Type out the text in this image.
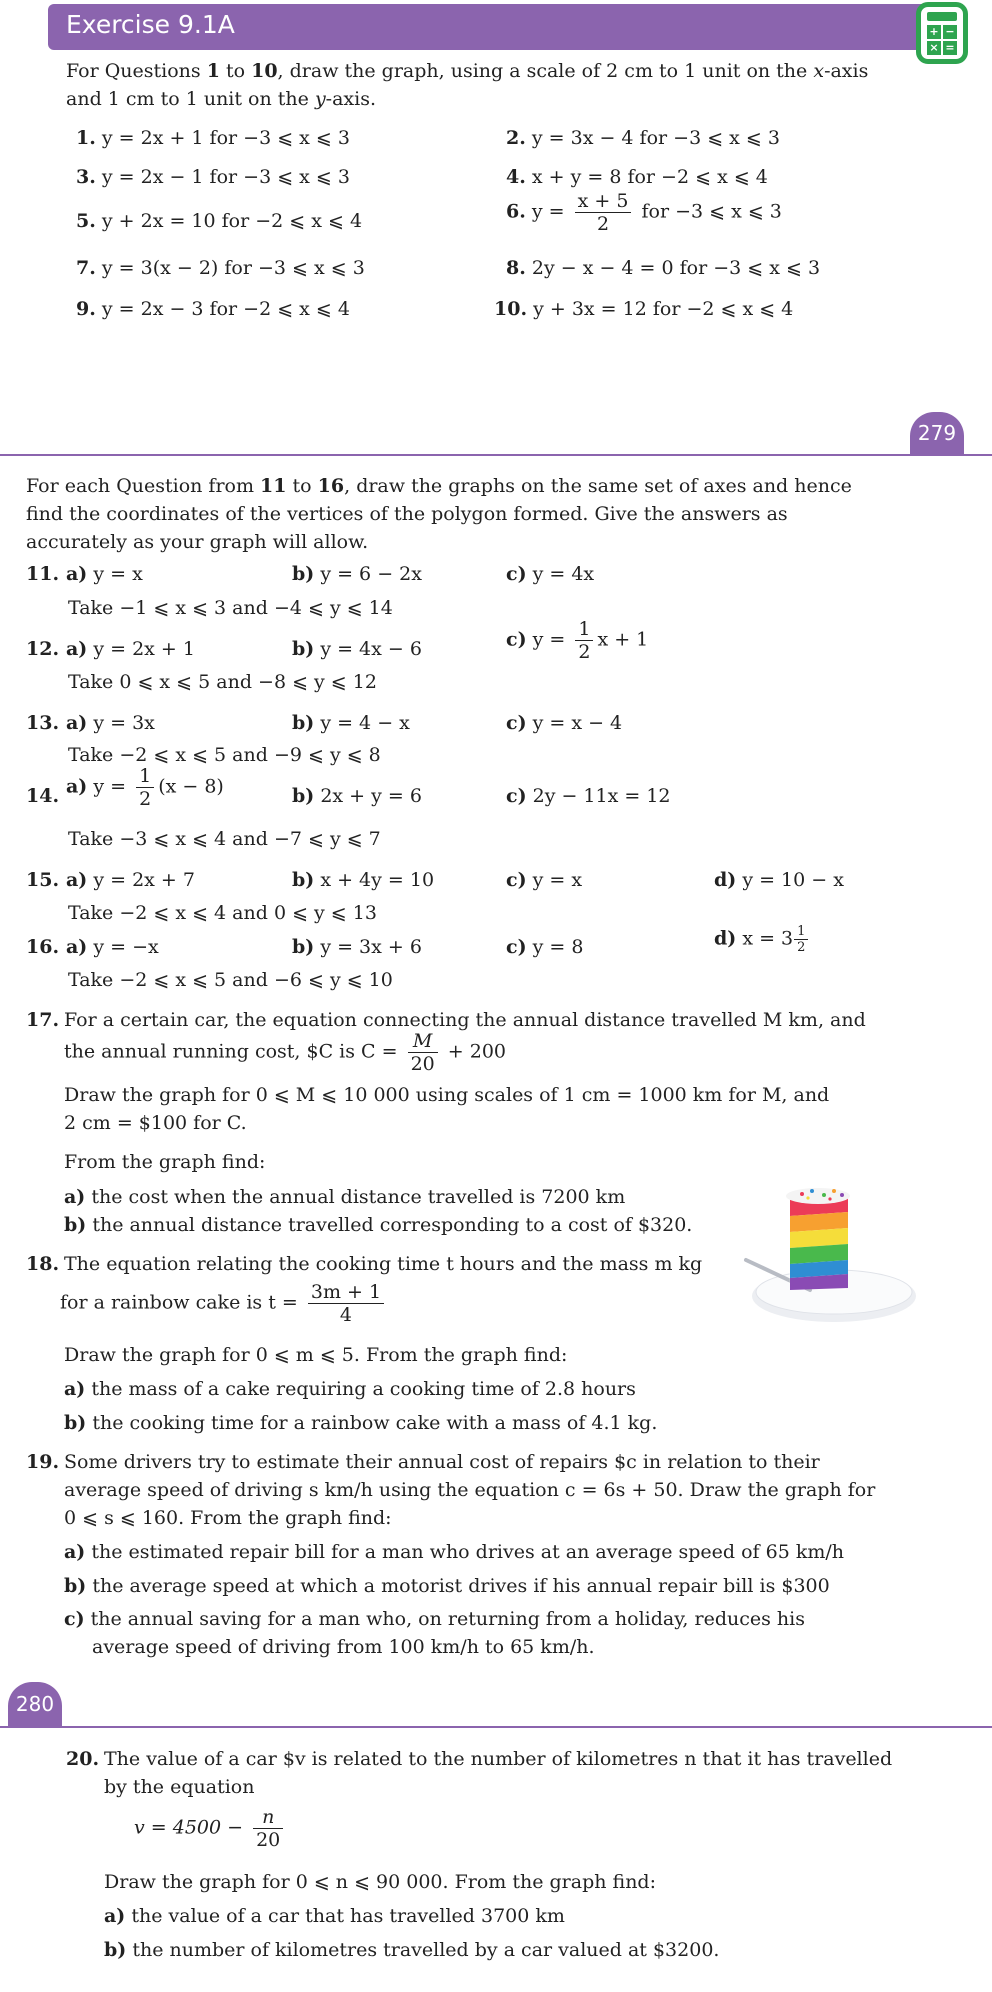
Exercise 9.1A	+ −
× =
For Questions 1 to 10, draw the graph, using a scale of 2 cm to 1 unit on the x-axis
and 1 cm to 1 unit on the y-axis.
1. y = 2x + 1 for −3 ⩽ x ⩽ 3	2. y = 3x − 4 for −3 ⩽ x ⩽ 3
3. y = 2x − 1 for −3 ⩽ x ⩽ 3	4. x + y = 8 for −2 ⩽ x ⩽ 4
5. y + 2x = 10 for −2 ⩽ x ⩽ 4	6. $y = \frac{x + 5}{2}$ for −3 ⩽ x ⩽ 3
7. y = 3(x − 2) for −3 ⩽ x ⩽ 3	8. 2y − x − 4 = 0 for −3 ⩽ x ⩽ 3
9. y = 2x − 3 for −2 ⩽ x ⩽ 4	10. y + 3x = 12 for −2 ⩽ x ⩽ 4
279
For each Question from 11 to 16, draw the graphs on the same set of axes and hence
find the coordinates of the vertices of the polygon formed. Give the answers as
accurately as your graph will allow.
11. a) y = x	b) y = 6 − 2x	c) y = 4x
Take −1 ⩽ x ⩽ 3 and −4 ⩽ y ⩽ 14
12. a) y = 2x + 1	b) y = 4x − 6	c) $y = \frac{1}{2}$ x + 1
Take 0 ⩽ x ⩽ 5 and −8 ⩽ y ⩽ 12
13. a) y = 3x	b) y = 4 − x	c) y = x − 4
Take −2 ⩽ x ⩽ 5 and −9 ⩽ y ⩽ 8
14. a) $y = \frac{1}{2} (x - 8)$	b) 2x + y = 6	c) 2y − 11x = 12
Take −3 ⩽ x ⩽ 4 and −7 ⩽ y ⩽ 7
15. a) y = 2x + 7	b) x + 4y = 10	c) y = x	d) y = 10 − x
Take −2 ⩽ x ⩽ 4 and 0 ⩽ y ⩽ 13
16. a) y = −x	b) y = 3x + 6	c) y = 8	d) $x = 3 \frac{1}{2}$
Take −2 ⩽ x ⩽ 5 and −6 ⩽ y ⩽ 10
17. For a certain car, the equation connecting the annual distance travelled M km, and
the annual running cost, $C is $C = \frac{M}{20} + 200$
Draw the graph for 0 ⩽ M ⩽ 10 000 using scales of 1 cm = 1000 km for M, and
2 cm = $100 for C.
From the graph find:
a) the cost when the annual distance travelled is 7200 km
b) the annual distance travelled corresponding to a cost of $320.
18. The equation relating the cooking time t hours and the mass m kg
for a rainbow cake is $t = \frac{3m + 1}{4}$
Draw the graph for 0 ⩽ m ⩽ 5. From the graph find:
a) the mass of a cake requiring a cooking time of 2.8 hours
b) the cooking time for a rainbow cake with a mass of 4.1 kg.
19. Some drivers try to estimate their annual cost of repairs $c in relation to their
average speed of driving s km/h using the equation c = 6s + 50. Draw the graph for
0 ⩽ s ⩽ 160. From the graph find:
a) the estimated repair bill for a man who drives at an average speed of 65 km/h
b) the average speed at which a motorist drives if his annual repair bill is $300
c) the annual saving for a man who, on returning from a holiday, reduces his
average speed of driving from 100 km/h to 65 km/h.
280
20. The value of a car $v is related to the number of kilometres n that it has travelled
by the equation
$v = 4500 - \frac{n}{20}$
Draw the graph for 0 ⩽ n ⩽ 90 000. From the graph find:
a) the value of a car that has travelled 3700 km
b) the number of kilometres travelled by a car valued at $3200.
